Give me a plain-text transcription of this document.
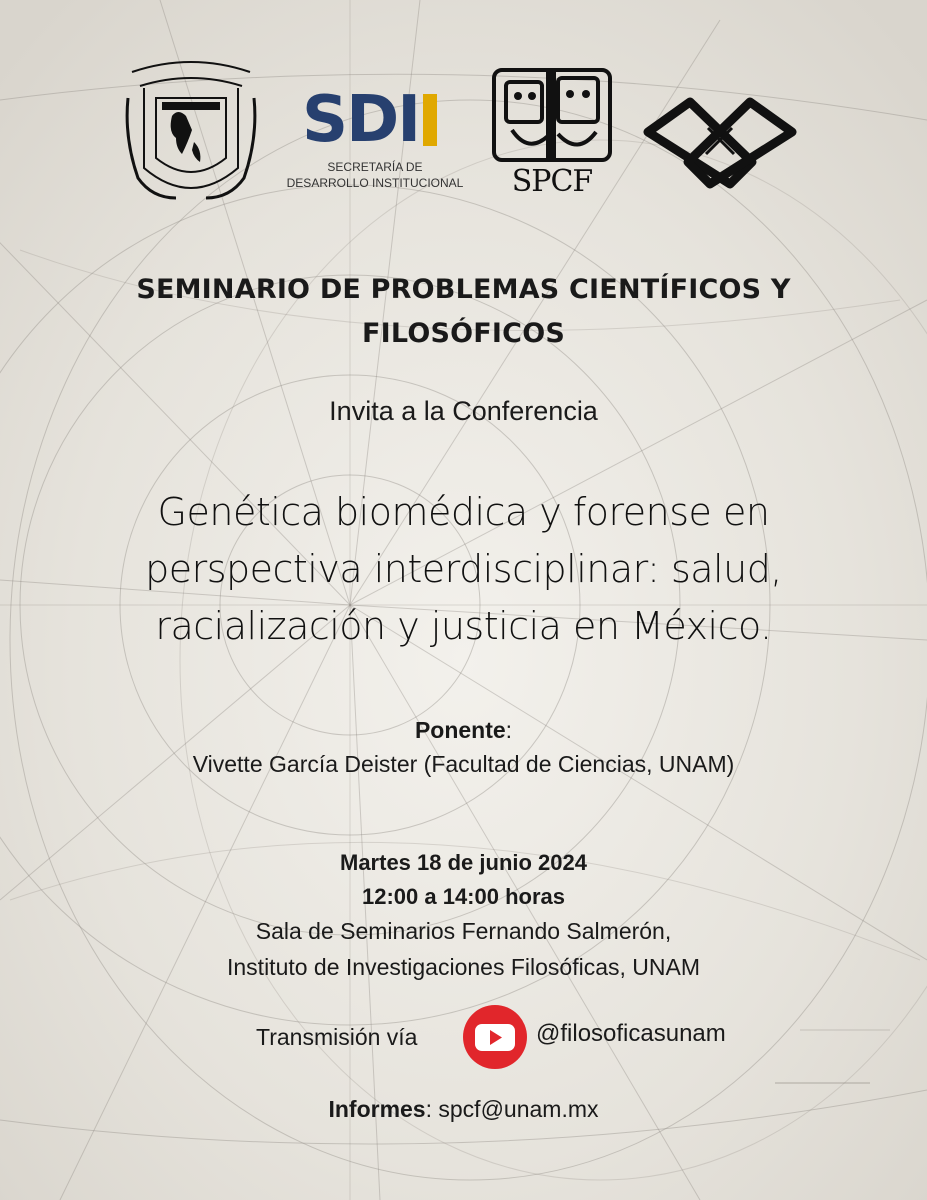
SDI
SECRETARÍA DE
DESARROLLO INSTITUCIONAL	SPCF
SEMINARIO DE PROBLEMAS CIENTÍFICOS Y
FILOSÓFICOS
Invita a la Conferencia
Genética biomédica y forense en
perspectiva interdisciplinar: salud,
racialización y justicia en México.
Ponente:
Vivette García Deister (Facultad de Ciencias, UNAM)
Martes 18 de junio 2024
12:00 a 14:00 horas
Sala de Seminarios Fernando Salmerón,
Instituto de Investigaciones Filosóficas, UNAM
Transmisión vía	@filosoficasunam
Informes: spcf@unam.mx
